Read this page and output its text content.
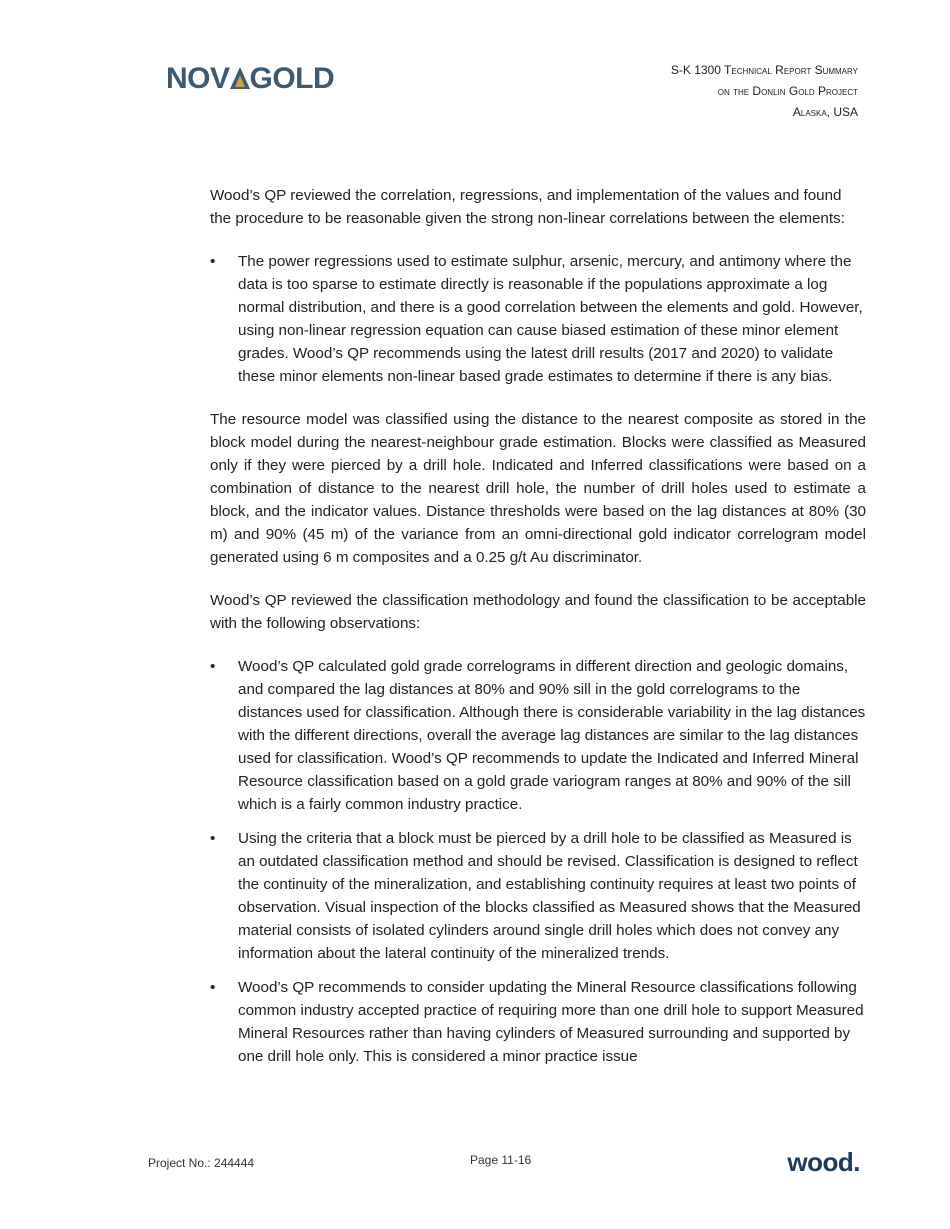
NOV GOLD	S-K 1300 Technical Report Summary
on the Donlin Gold Project
Alaska, USA

Wood’s QP reviewed the correlation, regressions, and implementation of the values and found the procedure to be reasonable given the strong non-linear correlations between the elements:

• The power regressions used to estimate sulphur, arsenic, mercury, and antimony where the data is too sparse to estimate directly is reasonable if the populations approximate a log normal distribution, and there is a good correlation between the elements and gold. However, using non-linear regression equation can cause biased estimation of these minor element grades. Wood’s QP recommends using the latest drill results (2017 and 2020) to validate these minor elements non-linear based grade estimates to determine if there is any bias.

The resource model was classified using the distance to the nearest composite as stored in the block model during the nearest-neighbour grade estimation. Blocks were classified as Measured only if they were pierced by a drill hole. Indicated and Inferred classifications were based on a combination of distance to the nearest drill hole, the number of drill holes used to estimate a block, and the indicator values. Distance thresholds were based on the lag distances at 80% (30 m) and 90% (45 m) of the variance from an omni-directional gold indicator correlogram model generated using 6 m composites and a 0.25 g/t Au discriminator.

Wood’s QP reviewed the classification methodology and found the classification to be acceptable with the following observations:

• Wood’s QP calculated gold grade correlograms in different direction and geologic domains, and compared the lag distances at 80% and 90% sill in the gold correlograms to the distances used for classification. Although there is considerable variability in the lag distances with the different directions, overall the average lag distances are similar to the lag distances used for classification. Wood’s QP recommends to update the Indicated and Inferred Mineral Resource classification based on a gold grade variogram ranges at 80% and 90% of the sill which is a fairly common industry practice.
• Using the criteria that a block must be pierced by a drill hole to be classified as Measured is an outdated classification method and should be revised. Classification is designed to reflect the continuity of the mineralization, and establishing continuity requires at least two points of observation. Visual inspection of the blocks classified as Measured shows that the Measured material consists of isolated cylinders around single drill holes which does not convey any information about the lateral continuity of the mineralized trends.
• Wood’s QP recommends to consider updating the Mineral Resource classifications following common industry accepted practice of requiring more than one drill hole to support Measured Mineral Resources rather than having cylinders of Measured surrounding and supported by one drill hole only. This is considered a minor practice issue
Project No.: 244444	Page 11-16	wood.
